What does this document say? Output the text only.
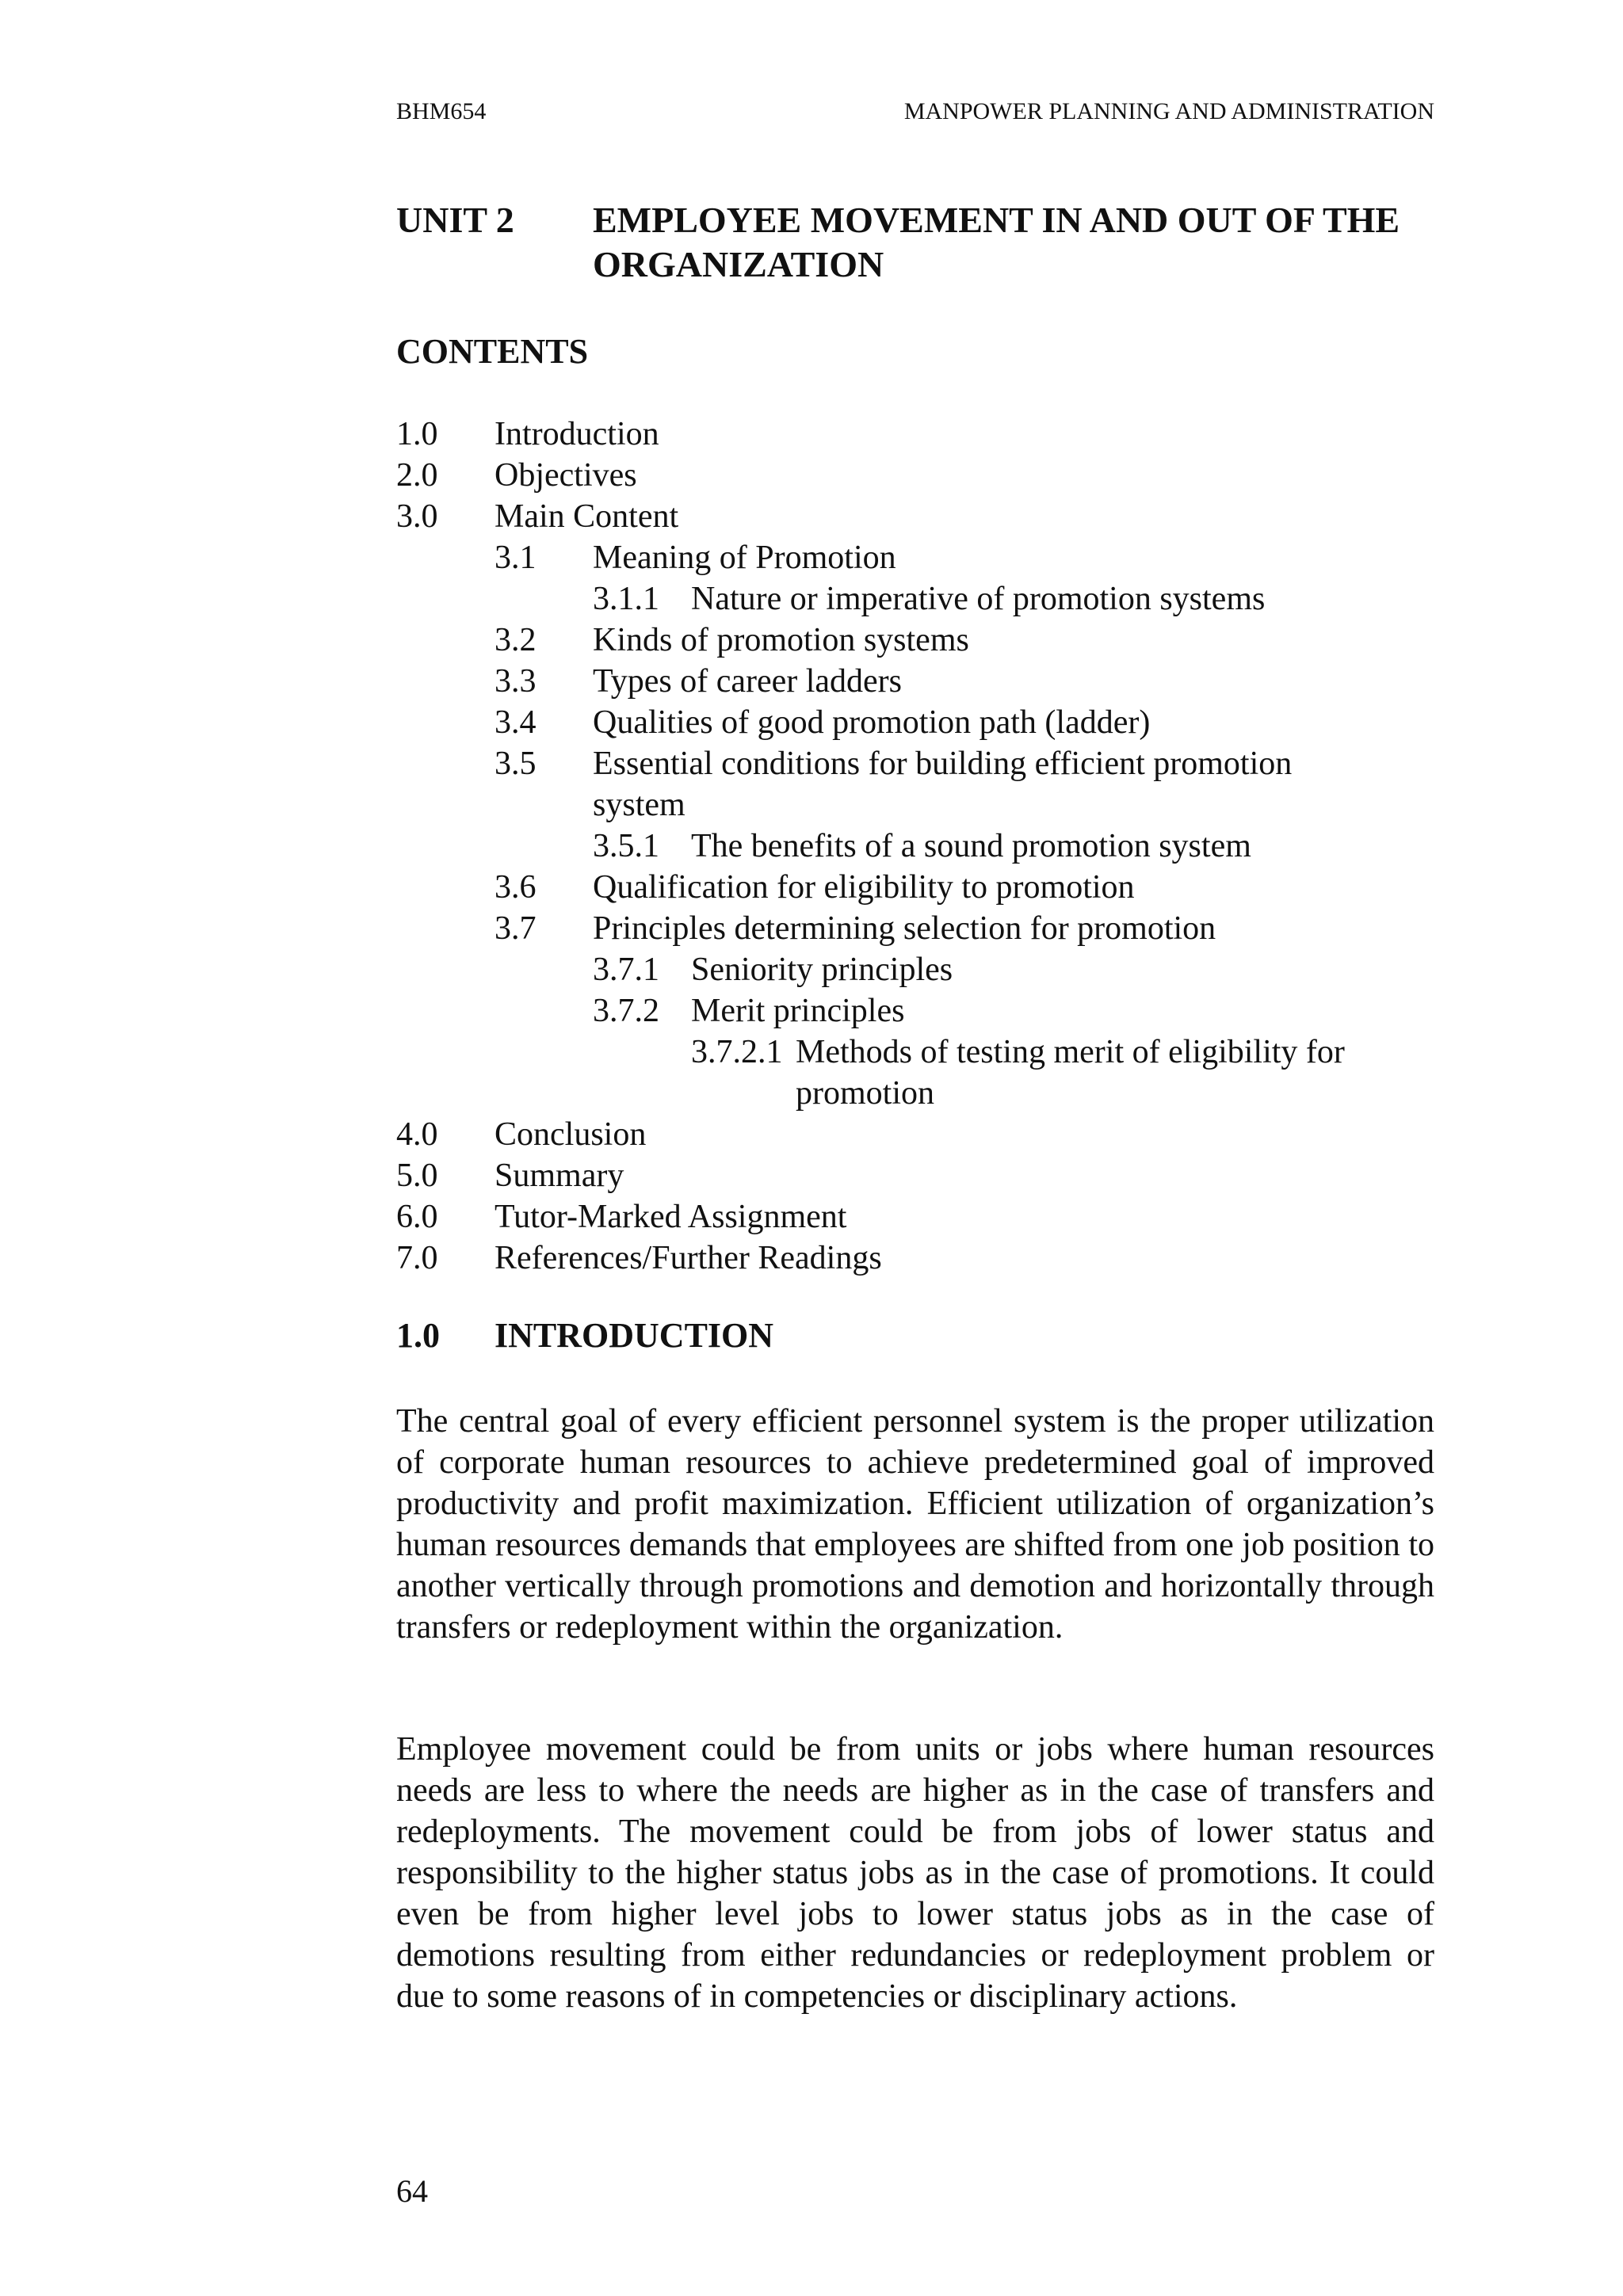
BHM654	MANPOWER PLANNING AND ADMINISTRATION
UNIT 2 EMPLOYEE MOVEMENT IN AND OUT OF THE ORGANIZATION
CONTENTS
1.0 Introduction
2.0 Objectives
3.0 Main Content
3.1 Meaning of Promotion
3.1.1 Nature or imperative of promotion systems
3.2 Kinds of promotion systems
3.3 Types of career ladders
3.4 Qualities of good promotion path (ladder)
3.5 Essential conditions for building efficient promotion
system
3.5.1 The benefits of a sound promotion system
3.6 Qualification for eligibility to promotion
3.7 Principles determining selection for promotion
3.7.1 Seniority principles
3.7.2 Merit principles
3.7.2.1 Methods of testing merit of eligibility for
promotion
4.0 Conclusion
5.0 Summary
6.0 Tutor-Marked Assignment
7.0 References/Further Readings
1.0 INTRODUCTION

The central goal of every efficient personnel system is the proper utilization of corporate human resources to achieve predetermined goal of improved productivity and profit maximization. Efficient utilization of organization’s human resources demands that employees are shifted from one job position to another vertically through promotions and demotion and horizontally through transfers or redeployment within the organization.

Employee movement could be from units or jobs where human resources needs are less to where the needs are higher as in the case of transfers and redeployments. The movement could be from jobs of lower status and responsibility to the higher status jobs as in the case of promotions. It could even be from higher level jobs to lower status jobs as in the case of demotions resulting from either redundancies or redeployment problem or due to some reasons of in competencies or disciplinary actions.

64
